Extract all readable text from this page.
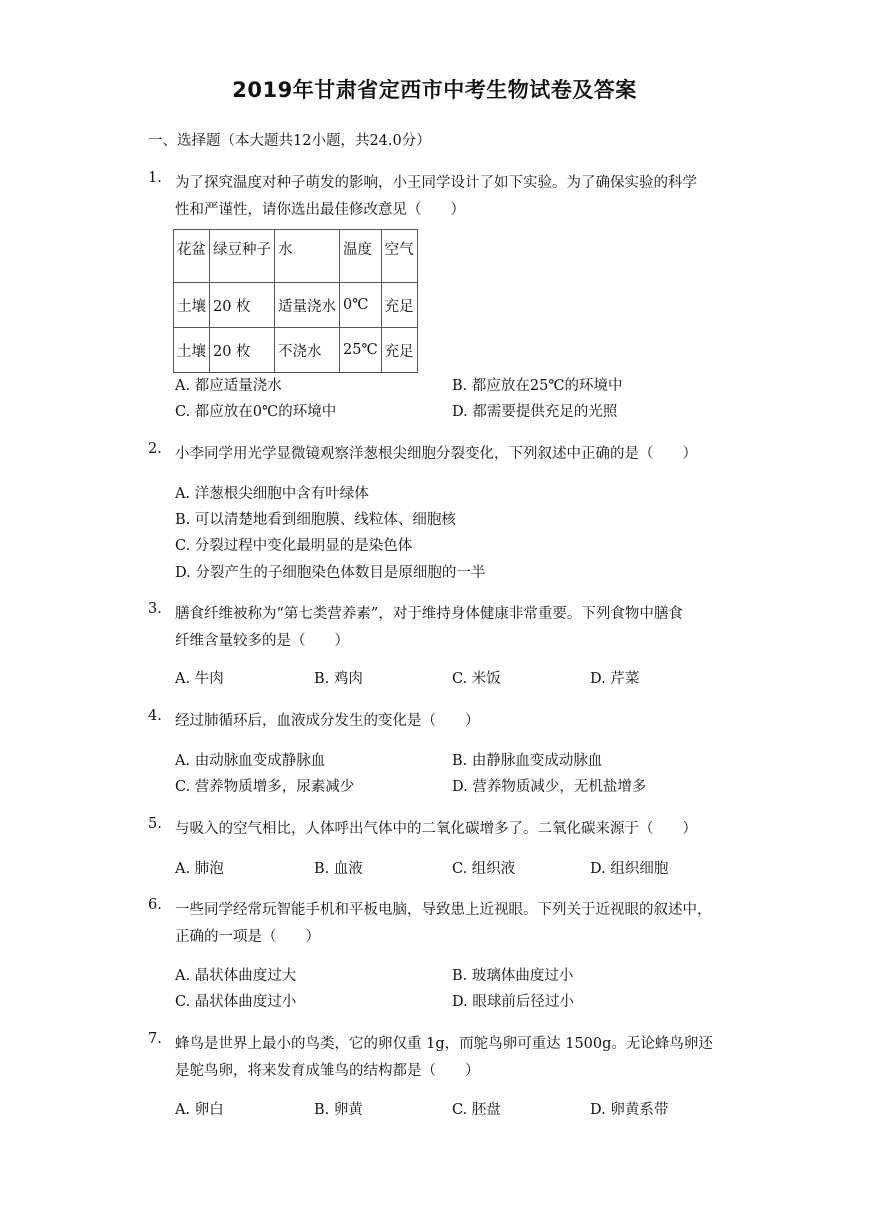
2019年甘肃省定西市中考生物试卷及答案
一、选择题（本大题共12小题，共24.0分）
1. 为了探究温度对种子萌发的影响，小王同学设计了如下实验。为了确保实验的科学
性和严谨性，请你选出最佳修改意见（　　）
花盆	绿豆种子	水	温度	空气
土壤	20 枚	适量浇水	0℃	充足
土壤	20 枚	不浇水	25℃	充足
A. 都应适量浇水	B. 都应放在25℃的环境中
C. 都应放在0℃的环境中	D. 都需要提供充足的光照
2. 小李同学用光学显微镜观察洋葱根尖细胞分裂变化，下列叙述中正确的是（　　）
A. 洋葱根尖细胞中含有叶绿体
B. 可以清楚地看到细胞膜、线粒体、细胞核
C. 分裂过程中变化最明显的是染色体
D. 分裂产生的子细胞染色体数目是原细胞的一半
3. 膳食纤维被称为“第七类营养素”，对于维持身体健康非常重要。下列食物中膳食
纤维含量较多的是（　　）
A. 牛肉	B. 鸡肉	C. 米饭	D. 芹菜
4. 经过肺循环后，血液成分发生的变化是（　　）
A. 由动脉血变成静脉血	B. 由静脉血变成动脉血
C. 营养物质增多，尿素减少	D. 营养物质减少，无机盐增多
5. 与吸入的空气相比，人体呼出气体中的二氧化碳增多了。二氧化碳来源于（　　）
A. 肺泡	B. 血液	C. 组织液	D. 组织细胞
6. 一些同学经常玩智能手机和平板电脑，导致患上近视眼。下列关于近视眼的叙述中，
正确的一项是（　　）
A. 晶状体曲度过大	B. 玻璃体曲度过小
C. 晶状体曲度过小	D. 眼球前后径过小
7. 蜂鸟是世界上最小的鸟类，它的卵仅重 1g，而鸵鸟卵可重达 1500g。无论蜂鸟卵还
是鸵鸟卵，将来发育成雏鸟的结构都是（　　）
A. 卵白	B. 卵黄	C. 胚盘	D. 卵黄系带
